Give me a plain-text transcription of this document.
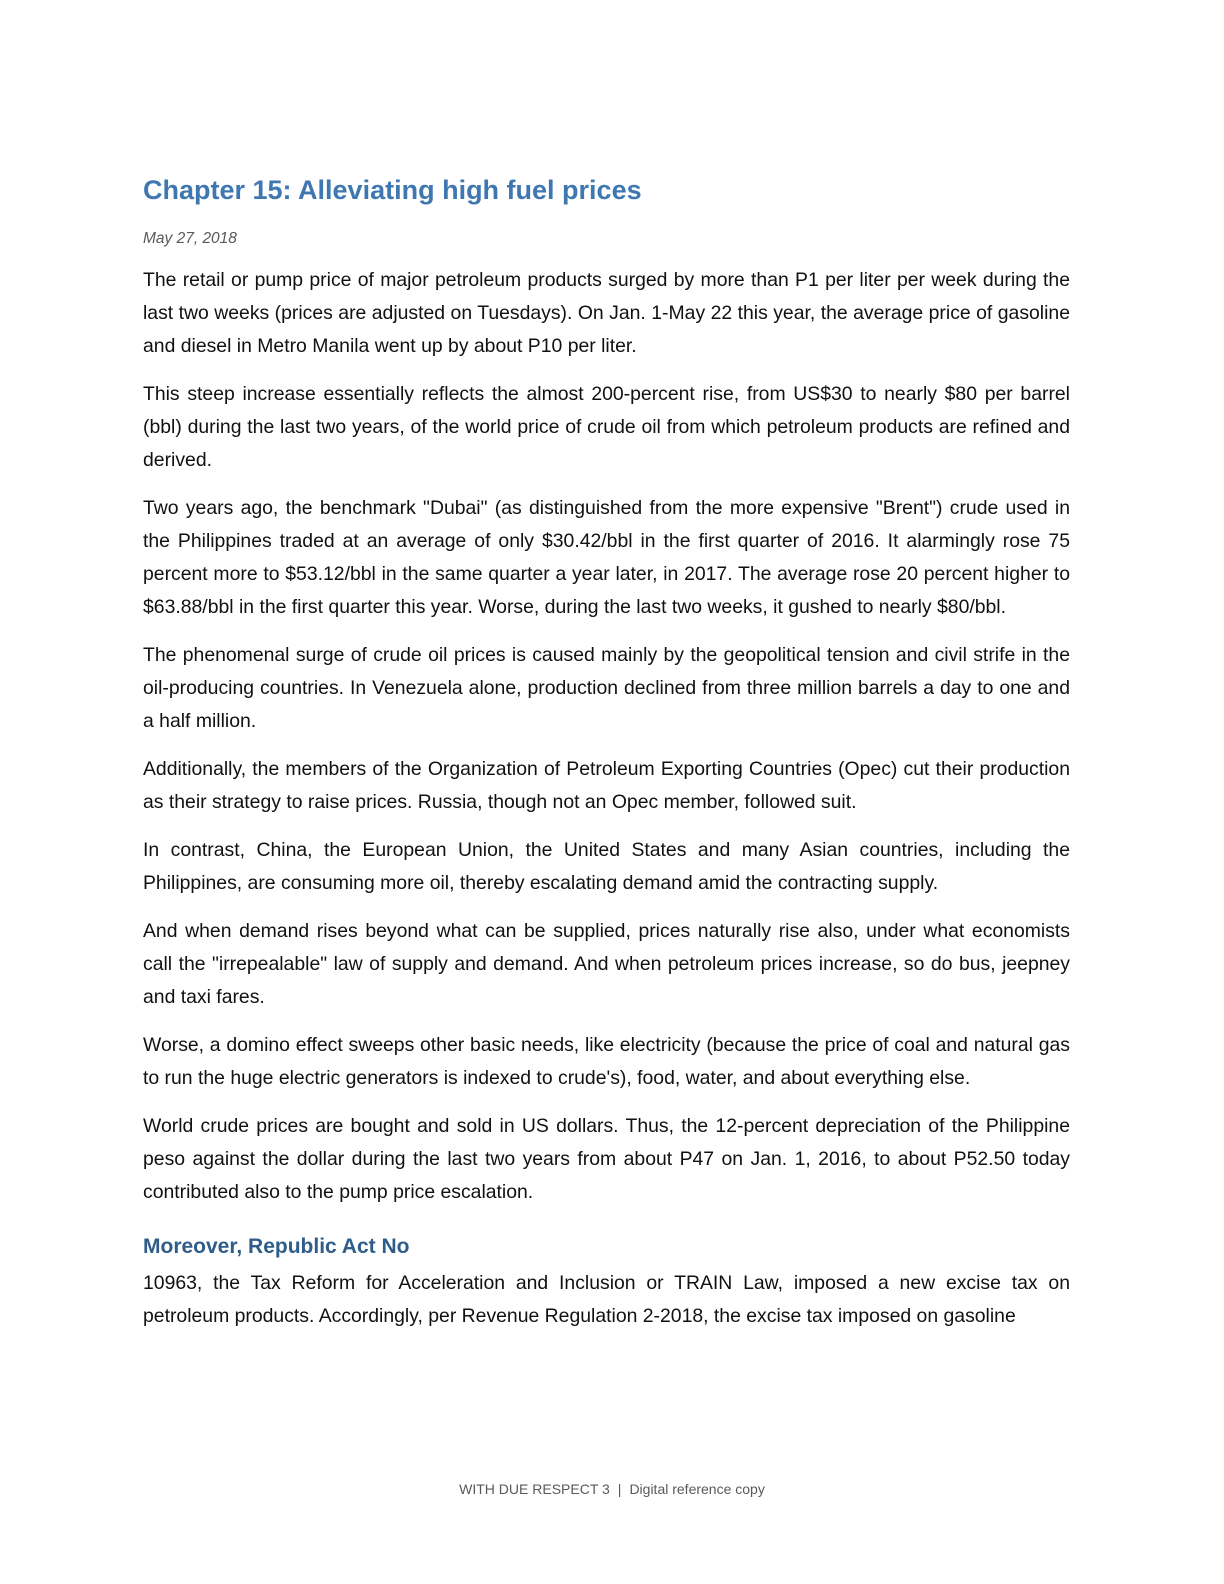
Chapter 15: Alleviating high fuel prices
May 27, 2018

The retail or pump price of major petroleum products surged by more than P1 per liter per week during the last two weeks (prices are adjusted on Tuesdays). On Jan. 1-May 22 this year, the average price of gasoline and diesel in Metro Manila went up by about P10 per liter.

This steep increase essentially reflects the almost 200-percent rise, from US$30 to nearly $80 per barrel (bbl) during the last two years, of the world price of crude oil from which petroleum products are refined and derived.

Two years ago, the benchmark "Dubai" (as distinguished from the more expensive "Brent") crude used in the Philippines traded at an average of only $30.42/bbl in the first quarter of 2016. It alarmingly rose 75 percent more to $53.12/bbl in the same quarter a year later, in 2017. The average rose 20 percent higher to $63.88/bbl in the first quarter this year. Worse, during the last two weeks, it gushed to nearly $80/bbl.

The phenomenal surge of crude oil prices is caused mainly by the geopolitical tension and civil strife in the oil-producing countries. In Venezuela alone, production declined from three million barrels a day to one and a half million.

Additionally, the members of the Organization of Petroleum Exporting Countries (Opec) cut their production as their strategy to raise prices. Russia, though not an Opec member, followed suit.

In contrast, China, the European Union, the United States and many Asian countries, including the Philippines, are consuming more oil, thereby escalating demand amid the contracting supply.

And when demand rises beyond what can be supplied, prices naturally rise also, under what economists call the "irrepealable" law of supply and demand. And when petroleum prices increase, so do bus, jeepney and taxi fares.

Worse, a domino effect sweeps other basic needs, like electricity (because the price of coal and natural gas to run the huge electric generators is indexed to crude's), food, water, and about everything else.

World crude prices are bought and sold in US dollars. Thus, the 12-percent depreciation of the Philippine peso against the dollar during the last two years from about P47 on Jan. 1, 2016, to about P52.50 today contributed also to the pump price escalation.

Moreover, Republic Act No

10963, the Tax Reform for Acceleration and Inclusion or TRAIN Law, imposed a new excise tax on petroleum products. Accordingly, per Revenue Regulation 2-2018, the excise tax imposed on gasoline

WITH DUE RESPECT 3 | Digital reference copy
